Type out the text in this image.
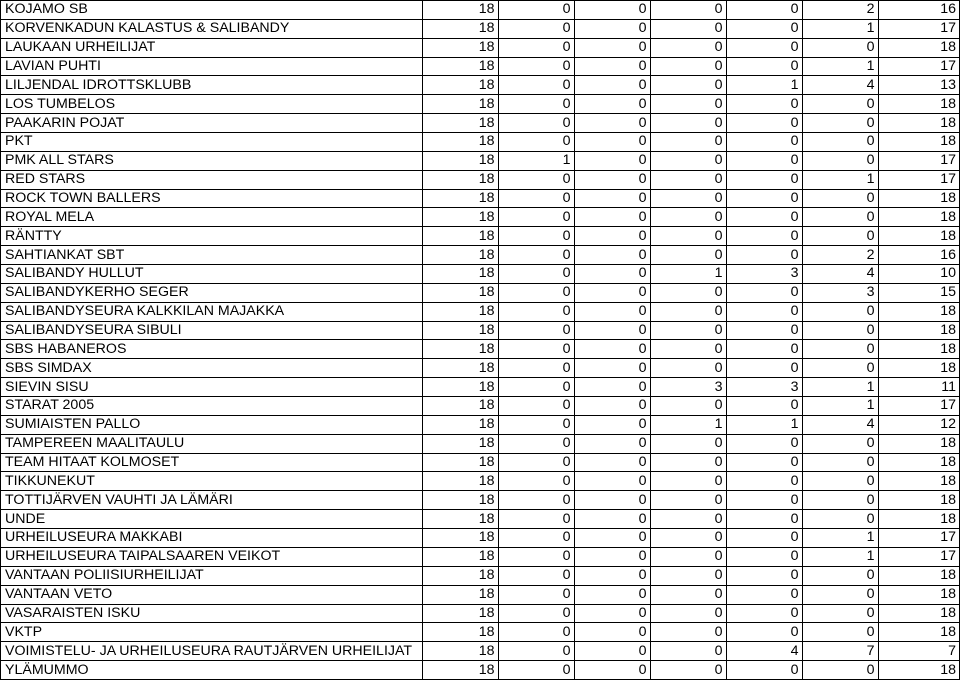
KOJAMO SB	18	0	0	0	0	2	16
KORVENKADUN KALASTUS & SALIBANDY	18	0	0	0	0	1	17
LAUKAAN URHEILIJAT	18	0	0	0	0	0	18
LAVIAN PUHTI	18	0	0	0	0	1	17
LILJENDAL IDROTTSKLUBB	18	0	0	0	1	4	13
LOS TUMBELOS	18	0	0	0	0	0	18
PAAKARIN POJAT	18	0	0	0	0	0	18
PKT	18	0	0	0	0	0	18
PMK ALL STARS	18	1	0	0	0	0	17
RED STARS	18	0	0	0	0	1	17
ROCK TOWN BALLERS	18	0	0	0	0	0	18
ROYAL MELA	18	0	0	0	0	0	18
RÄNTTY	18	0	0	0	0	0	18
SAHTIANKAT SBT	18	0	0	0	0	2	16
SALIBANDY HULLUT	18	0	0	1	3	4	10
SALIBANDYKERHO SEGER	18	0	0	0	0	3	15
SALIBANDYSEURA KALKKILAN MAJAKKA	18	0	0	0	0	0	18
SALIBANDYSEURA SIBULI	18	0	0	0	0	0	18
SBS HABANEROS	18	0	0	0	0	0	18
SBS SIMDAX	18	0	0	0	0	0	18
SIEVIN SISU	18	0	0	3	3	1	11
STARAT 2005	18	0	0	0	0	1	17
SUMIAISTEN PALLO	18	0	0	1	1	4	12
TAMPEREEN MAALITAULU	18	0	0	0	0	0	18
TEAM HITAAT KOLMOSET	18	0	0	0	0	0	18
TIKKUNEKUT	18	0	0	0	0	0	18
TOTTIJÄRVEN VAUHTI JA LÄMÄRI	18	0	0	0	0	0	18
UNDE	18	0	0	0	0	0	18
URHEILUSEURA MAKKABI	18	0	0	0	0	1	17
URHEILUSEURA TAIPALSAAREN VEIKOT	18	0	0	0	0	1	17
VANTAAN POLIISIURHEILIJAT	18	0	0	0	0	0	18
VANTAAN VETO	18	0	0	0	0	0	18
VASARAISTEN ISKU	18	0	0	0	0	0	18
VKTP	18	0	0	0	0	0	18
VOIMISTELU- JA URHEILUSEURA RAUTJÄRVEN URHEILIJAT	18	0	0	0	4	7	7
YLÄMUMMO	18	0	0	0	0	0	18
